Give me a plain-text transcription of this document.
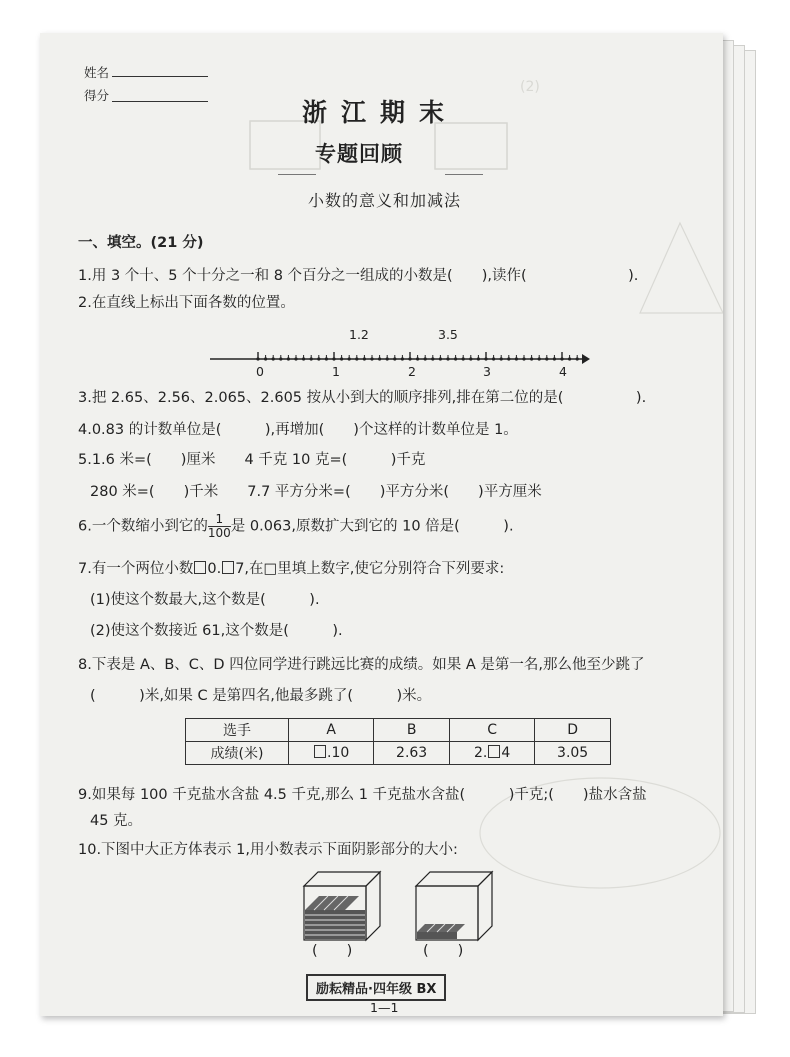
(2)　　　　　　　　　　　
姓名
得分
浙江期末
专题回顾
小数的意义和加减法
一、填空。(21 分)
1.用 3 个十、5 个十分之一和 8 个百分之一组成的小数是(　　),读作(　　　　　　　).
2.在直线上标出下面各数的位置。
1.2	3.5
0	1	2	3	4
3.把 2.65、2.56、2.065、2.605 按从小到大的顺序排列,排在第二位的是(　　　　　).
4.0.83 的计数单位是(　　　),再增加(　　)个这样的计数单位是 1。
5.1.6 米=(　　)厘米　　4 千克 10 克=(　　　)千克
280 米=(　　)千米　　7.7 平方分米=(　　)平方分米(　　)平方厘米
6.一个数缩小到它的 $\frac{1}{100}$ 是 0.063,原数扩大到它的 10 倍是(　　　).
7.有一个两位小数 0. 7,在□里填上数字,使它分别符合下列要求:
(1)使这个数最大,这个数是(　　　).
(2)使这个数接近 61,这个数是(　　　).
8.下表是 A、B、C、D 四位同学进行跳远比赛的成绩。如果 A 是第一名,那么他至少跳了
(　　　)米,如果 C 是第四名,他最多跳了(　　　)米。
选手	A	B	C	D
成绩(米)	.10	2.63	2. 4	3.05
9.如果每 100 千克盐水含盐 4.5 千克,那么 1 千克盐水含盐(　　　)千克;(　　)盐水含盐
45 克。
10.下图中大正方体表示 1,用小数表示下面阴影部分的大小:
(　　)	(　　)
励耘精品·四年级 BX
1—1
